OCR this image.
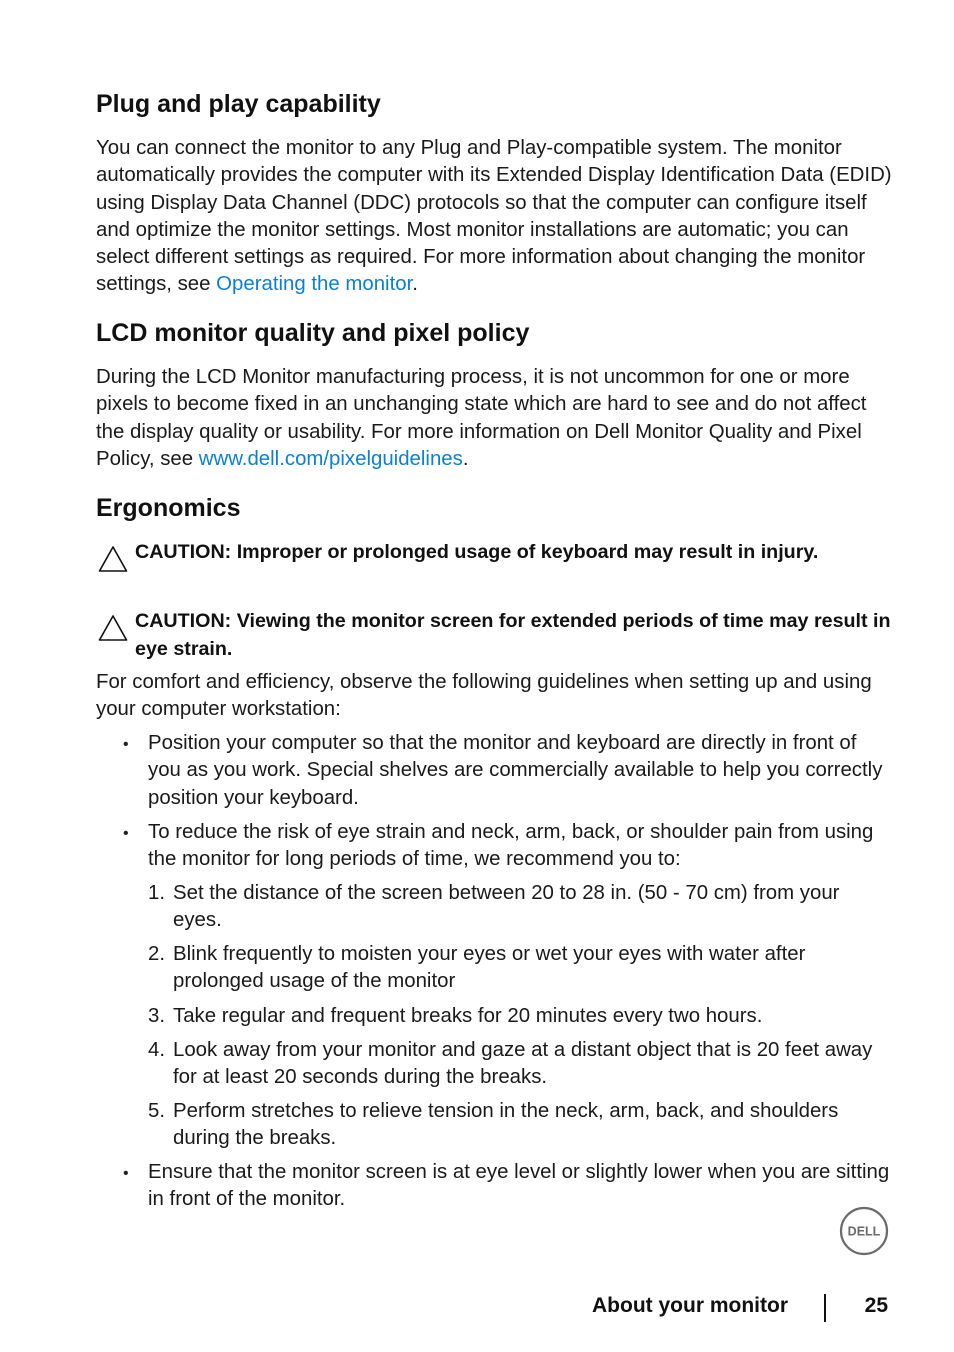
Plug and play capability
You can connect the monitor to any Plug and Play-compatible system. The monitor automatically provides the computer with its Extended Display Identification Data (EDID) using Display Data Channel (DDC) protocols so that the computer can configure itself and optimize the monitor settings. Most monitor installations are automatic; you can select different settings as required. For more information about changing the monitor settings, see Operating the monitor.
LCD monitor quality and pixel policy
During the LCD Monitor manufacturing process, it is not uncommon for one or more pixels to become fixed in an unchanging state which are hard to see and do not affect the display quality or usability. For more information on Dell Monitor Quality and Pixel Policy, see www.dell.com/pixelguidelines.
Ergonomics
CAUTION: Improper or prolonged usage of keyboard may result in injury.
CAUTION: Viewing the monitor screen for extended periods of time may result in eye strain.
For comfort and efficiency, observe the following guidelines when setting up and using your computer workstation:
• Position your computer so that the monitor and keyboard are directly in front of you as you work. Special shelves are commercially available to help you correctly position your keyboard.
• To reduce the risk of eye strain and neck, arm, back, or shoulder pain from using the monitor for long periods of time, we recommend you to:
1. Set the distance of the screen between 20 to 28 in. (50 - 70 cm) from your eyes.
2. Blink frequently to moisten your eyes or wet your eyes with water after prolonged usage of the monitor
3. Take regular and frequent breaks for 20 minutes every two hours.
4. Look away from your monitor and gaze at a distant object that is 20 feet away for at least 20 seconds during the breaks.
5. Perform stretches to relieve tension in the neck, arm, back, and shoulders during the breaks.
• Ensure that the monitor screen is at eye level or slightly lower when you are sitting in front of the monitor.
DELL
About your monitor	25
